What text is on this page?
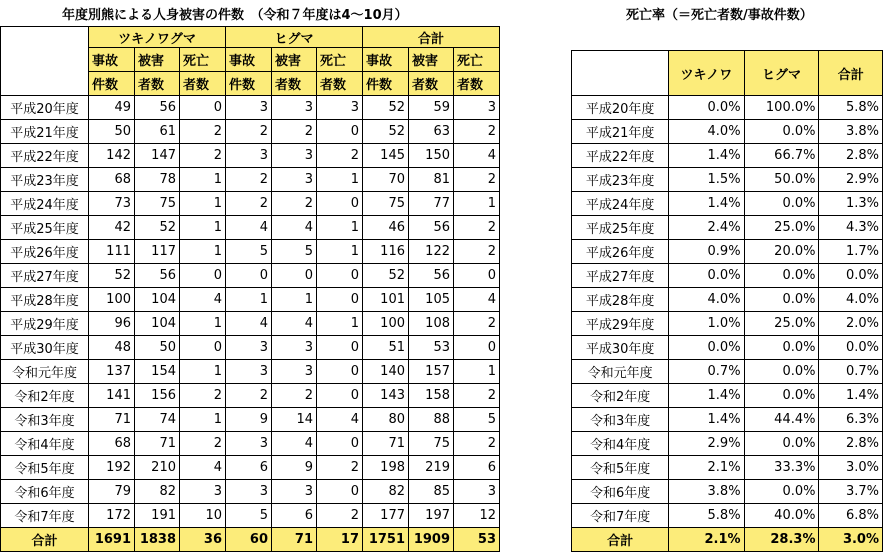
年度別熊による人身被害の件数　（令和７年度は4～10月）	死亡率（＝死亡者数/事故件数）
	ツキノワグマ			ヒグマ			合計		
	事故	被害	死亡	事故	被害	死亡	事故	被害	死亡
	件数	者数	者数	件数	者数	者数	件数	者数	者数
平成20年度	49	56	0	3	3	3	52	59	3
平成21年度	50	61	2	2	2	0	52	63	2
平成22年度	142	147	2	3	3	2	145	150	4
平成23年度	68	78	1	2	3	1	70	81	2
平成24年度	73	75	1	2	2	0	75	77	1
平成25年度	42	52	1	4	4	1	46	56	2
平成26年度	111	117	1	5	5	1	116	122	2
平成27年度	52	56	0	0	0	0	52	56	0
平成28年度	100	104	4	1	1	0	101	105	4
平成29年度	96	104	1	4	4	1	100	108	2
平成30年度	48	50	0	3	3	0	51	53	0
令和元年度	137	154	1	3	3	0	140	157	1
令和2年度	141	156	2	2	2	0	143	158	2
令和3年度	71	74	1	9	14	4	80	88	5
令和4年度	68	71	2	3	4	0	71	75	2
令和5年度	192	210	4	6	9	2	198	219	6
令和6年度	79	82	3	3	3	0	82	85	3
令和7年度	172	191	10	5	6	2	177	197	12
合計	1691	1838	36	60	71	17	1751	1909	53
	ツキノワ	ヒグマ	合計
平成20年度	0.0%	100.0%	5.8%
平成21年度	4.0%	0.0%	3.8%
平成22年度	1.4%	66.7%	2.8%
平成23年度	1.5%	50.0%	2.9%
平成24年度	1.4%	0.0%	1.3%
平成25年度	2.4%	25.0%	4.3%
平成26年度	0.9%	20.0%	1.7%
平成27年度	0.0%	0.0%	0.0%
平成28年度	4.0%	0.0%	4.0%
平成29年度	1.0%	25.0%	2.0%
平成30年度	0.0%	0.0%	0.0%
令和元年度	0.7%	0.0%	0.7%
令和2年度	1.4%	0.0%	1.4%
令和3年度	1.4%	44.4%	6.3%
令和4年度	2.9%	0.0%	2.8%
令和5年度	2.1%	33.3%	3.0%
令和6年度	3.8%	0.0%	3.7%
令和7年度	5.8%	40.0%	6.8%
合計	2.1%	28.3%	3.0%
